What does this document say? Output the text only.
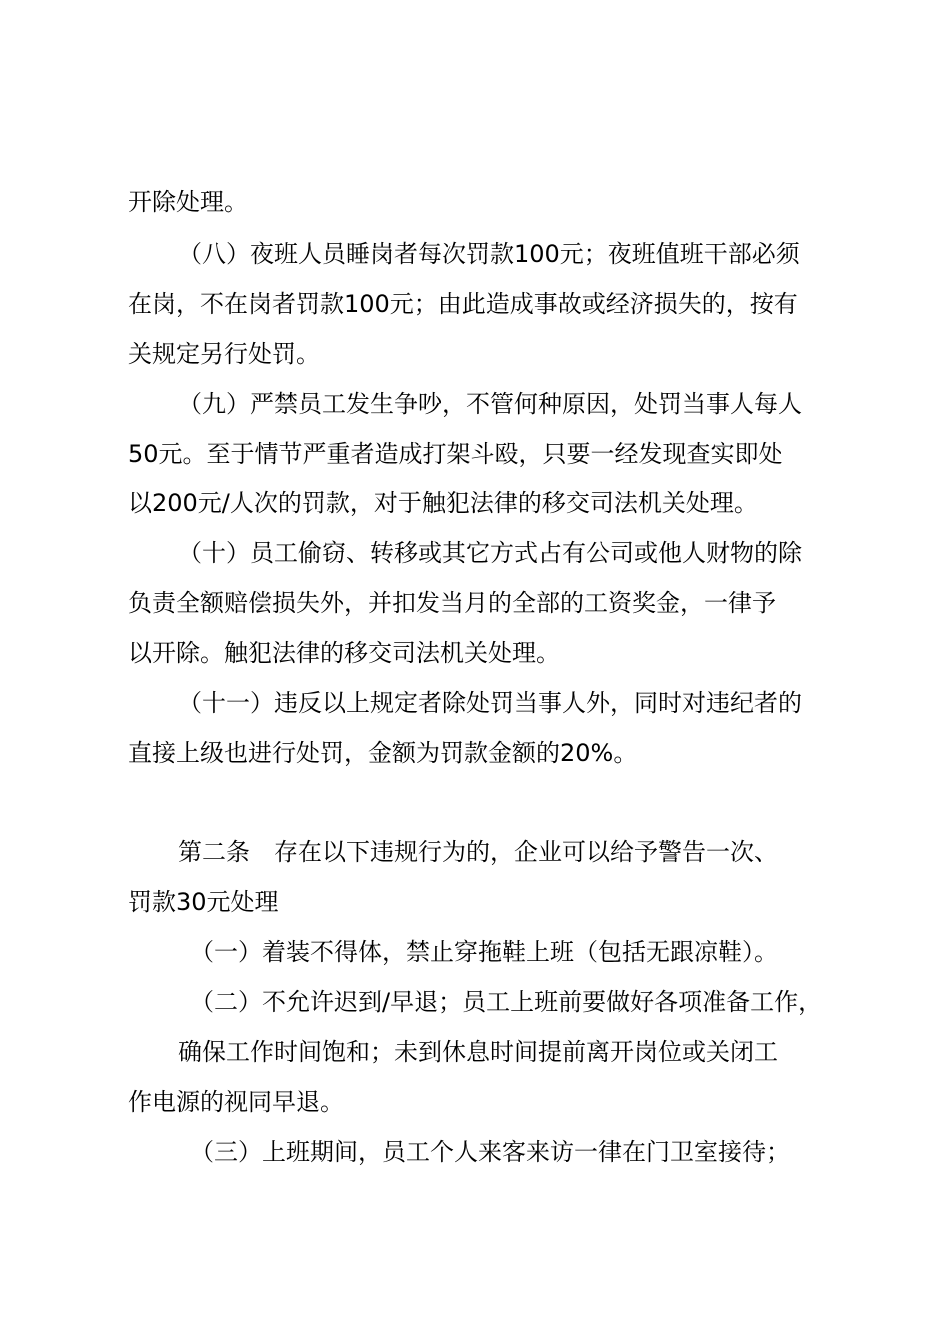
开除处理。
（八）夜班人员睡岗者每次罚款100元；夜班值班干部必须
在岗，不在岗者罚款100元；由此造成事故或经济损失的，按有
关规定另行处罚。
（九）严禁员工发生争吵，不管何种原因，处罚当事人每人
50元。至于情节严重者造成打架斗殴，只要一经发现查实即处
以200元/人次的罚款，对于触犯法律的移交司法机关处理。
（十）员工偷窃、转移或其它方式占有公司或他人财物的除
负责全额赔偿损失外，并扣发当月的全部的工资奖金，一律予
以开除。触犯法律的移交司法机关处理。
（十一）违反以上规定者除处罚当事人外，同时对违纪者的
直接上级也进行处罚，金额为罚款金额的20%。
第二条　存在以下违规行为的，企业可以给予警告一次、
罚款30元处理
（一）着装不得体，禁止穿拖鞋上班（包括无跟凉鞋）。
（二）不允许迟到/早退；员工上班前要做好各项准备工作，
确保工作时间饱和；未到休息时间提前离开岗位或关闭工
作电源的视同早退。
（三）上班期间，员工个人来客来访一律在门卫室接待；
